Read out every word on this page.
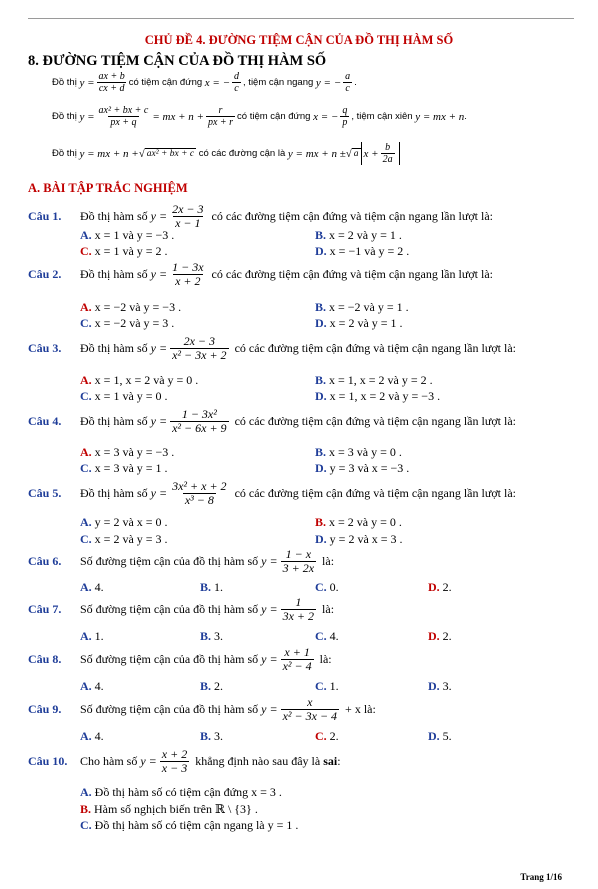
CHỦ ĐỀ 4. ĐƯỜNG TIỆM CẬN CỦA ĐỒ THỊ HÀM SỐ
8. ĐƯỜNG TIỆM CẬN CỦA ĐỒ THỊ HÀM SỐ
Đồ thị
$y = \frac{ax + b}{cx + d}$ có tiệm cận đứng
x = − $\frac{d}{c}$ , tiệm cận ngang
y = − $\frac{a}{c}$ .
Đồ thị
$y = \frac{\text{ax² + bx + c}}{px + q}$ = mx + $n + \frac{r}{px + r}$ có tiệm cận đứng
x = − $\frac{q}{p}$ , tiệm cận xiên
y = mx + n .
Đồ thị
y = mx + n + √ ax² + bx + c
có các đường cận là
y = mx + n ± √ a $x + \frac{b}{2a}$
A. BÀI TẬP TRẮC NGHIỆM
Câu 1.	Đồ thị hàm số $y = \frac{2x - 3}{x - 1}$ có các đường tiệm cận đứng và tiệm cận ngang lần lượt là:
A. x = 1 và y = −3 .	B. x = 2 và y = 1 .
C. x = 1 và y = 2 .	D. x = −1 và y = 2 .
Câu 2.	Đồ thị hàm số $y = \frac{1 - 3x}{x + 2}$ có các đường tiệm cận đứng và tiệm cận ngang lần lượt là:
A. x = −2 và y = −3 .	B. x = −2 và y = 1 .
C. x = −2 và y = 3 .	D. x = 2 và y = 1 .
Câu 3.	Đồ thị hàm số $y = \frac{2x - 3}{\text{x² − 3x + 2}}$ có các đường tiệm cận đứng và tiệm cận ngang lần lượt là:
A. x = 1, x = 2 và y = 0 .	B. x = 1, x = 2 và y = 2 .
C. x = 1 và y = 0 .	D. x = 1, x = 2 và y = −3 .
Câu 4.	Đồ thị hàm số $y = \frac{\text{1 − 3x²}}{\text{x² − 6x + 9}}$ có các đường tiệm cận đứng và tiệm cận ngang lần lượt là:
A. x = 3 và y = −3 .	B. x = 3 và y = 0 .
C. x = 3 và y = 1 .	D. y = 3 và x = −3 .
Câu 5.	Đồ thị hàm số $y = \frac{\text{3x² + x + 2}}{\text{x³ − 8}}$ có các đường tiệm cận đứng và tiệm cận ngang lần lượt là:
A. y = 2 và x = 0 .	B. x = 2 và y = 0 .
C. x = 2 và y = 3 .	D. y = 2 và x = 3 .
Câu 6.	Số đường tiệm cận của đồ thị hàm số $y = \frac{1 - x}{3 + 2x}$ là:
A. 4.	B. 1.	C. 0.	D. 2.
Câu 7.	Số đường tiệm cận của đồ thị hàm số $y = \frac{1}{3x + 2}$ là:
A. 1.	B. 3.	C. 4.	D. 2.
Câu 8.	Số đường tiệm cận của đồ thị hàm số $y = \frac{x + 1}{\text{x² − 4}}$ là:
A. 4.	B. 2.	C. 1.	D. 3.
Câu 9.	Số đường tiệm cận của đồ thị hàm số $y = \frac{x}{\text{x² − 3x − 4}} + x$ là:
A. 4.	B. 3.	C. 2.	D. 5.
Câu 10.	Cho hàm số $y = \frac{x + 2}{x - 3}$ khẳng định nào sau đây là sai :
A. Đồ thị hàm số có tiệm cận đứng x = 3 .
B. Hàm số nghịch biến trên ℝ \ {3} .
C. Đồ thị hàm số có tiệm cận ngang là y = 1 .
Trang 1/16
